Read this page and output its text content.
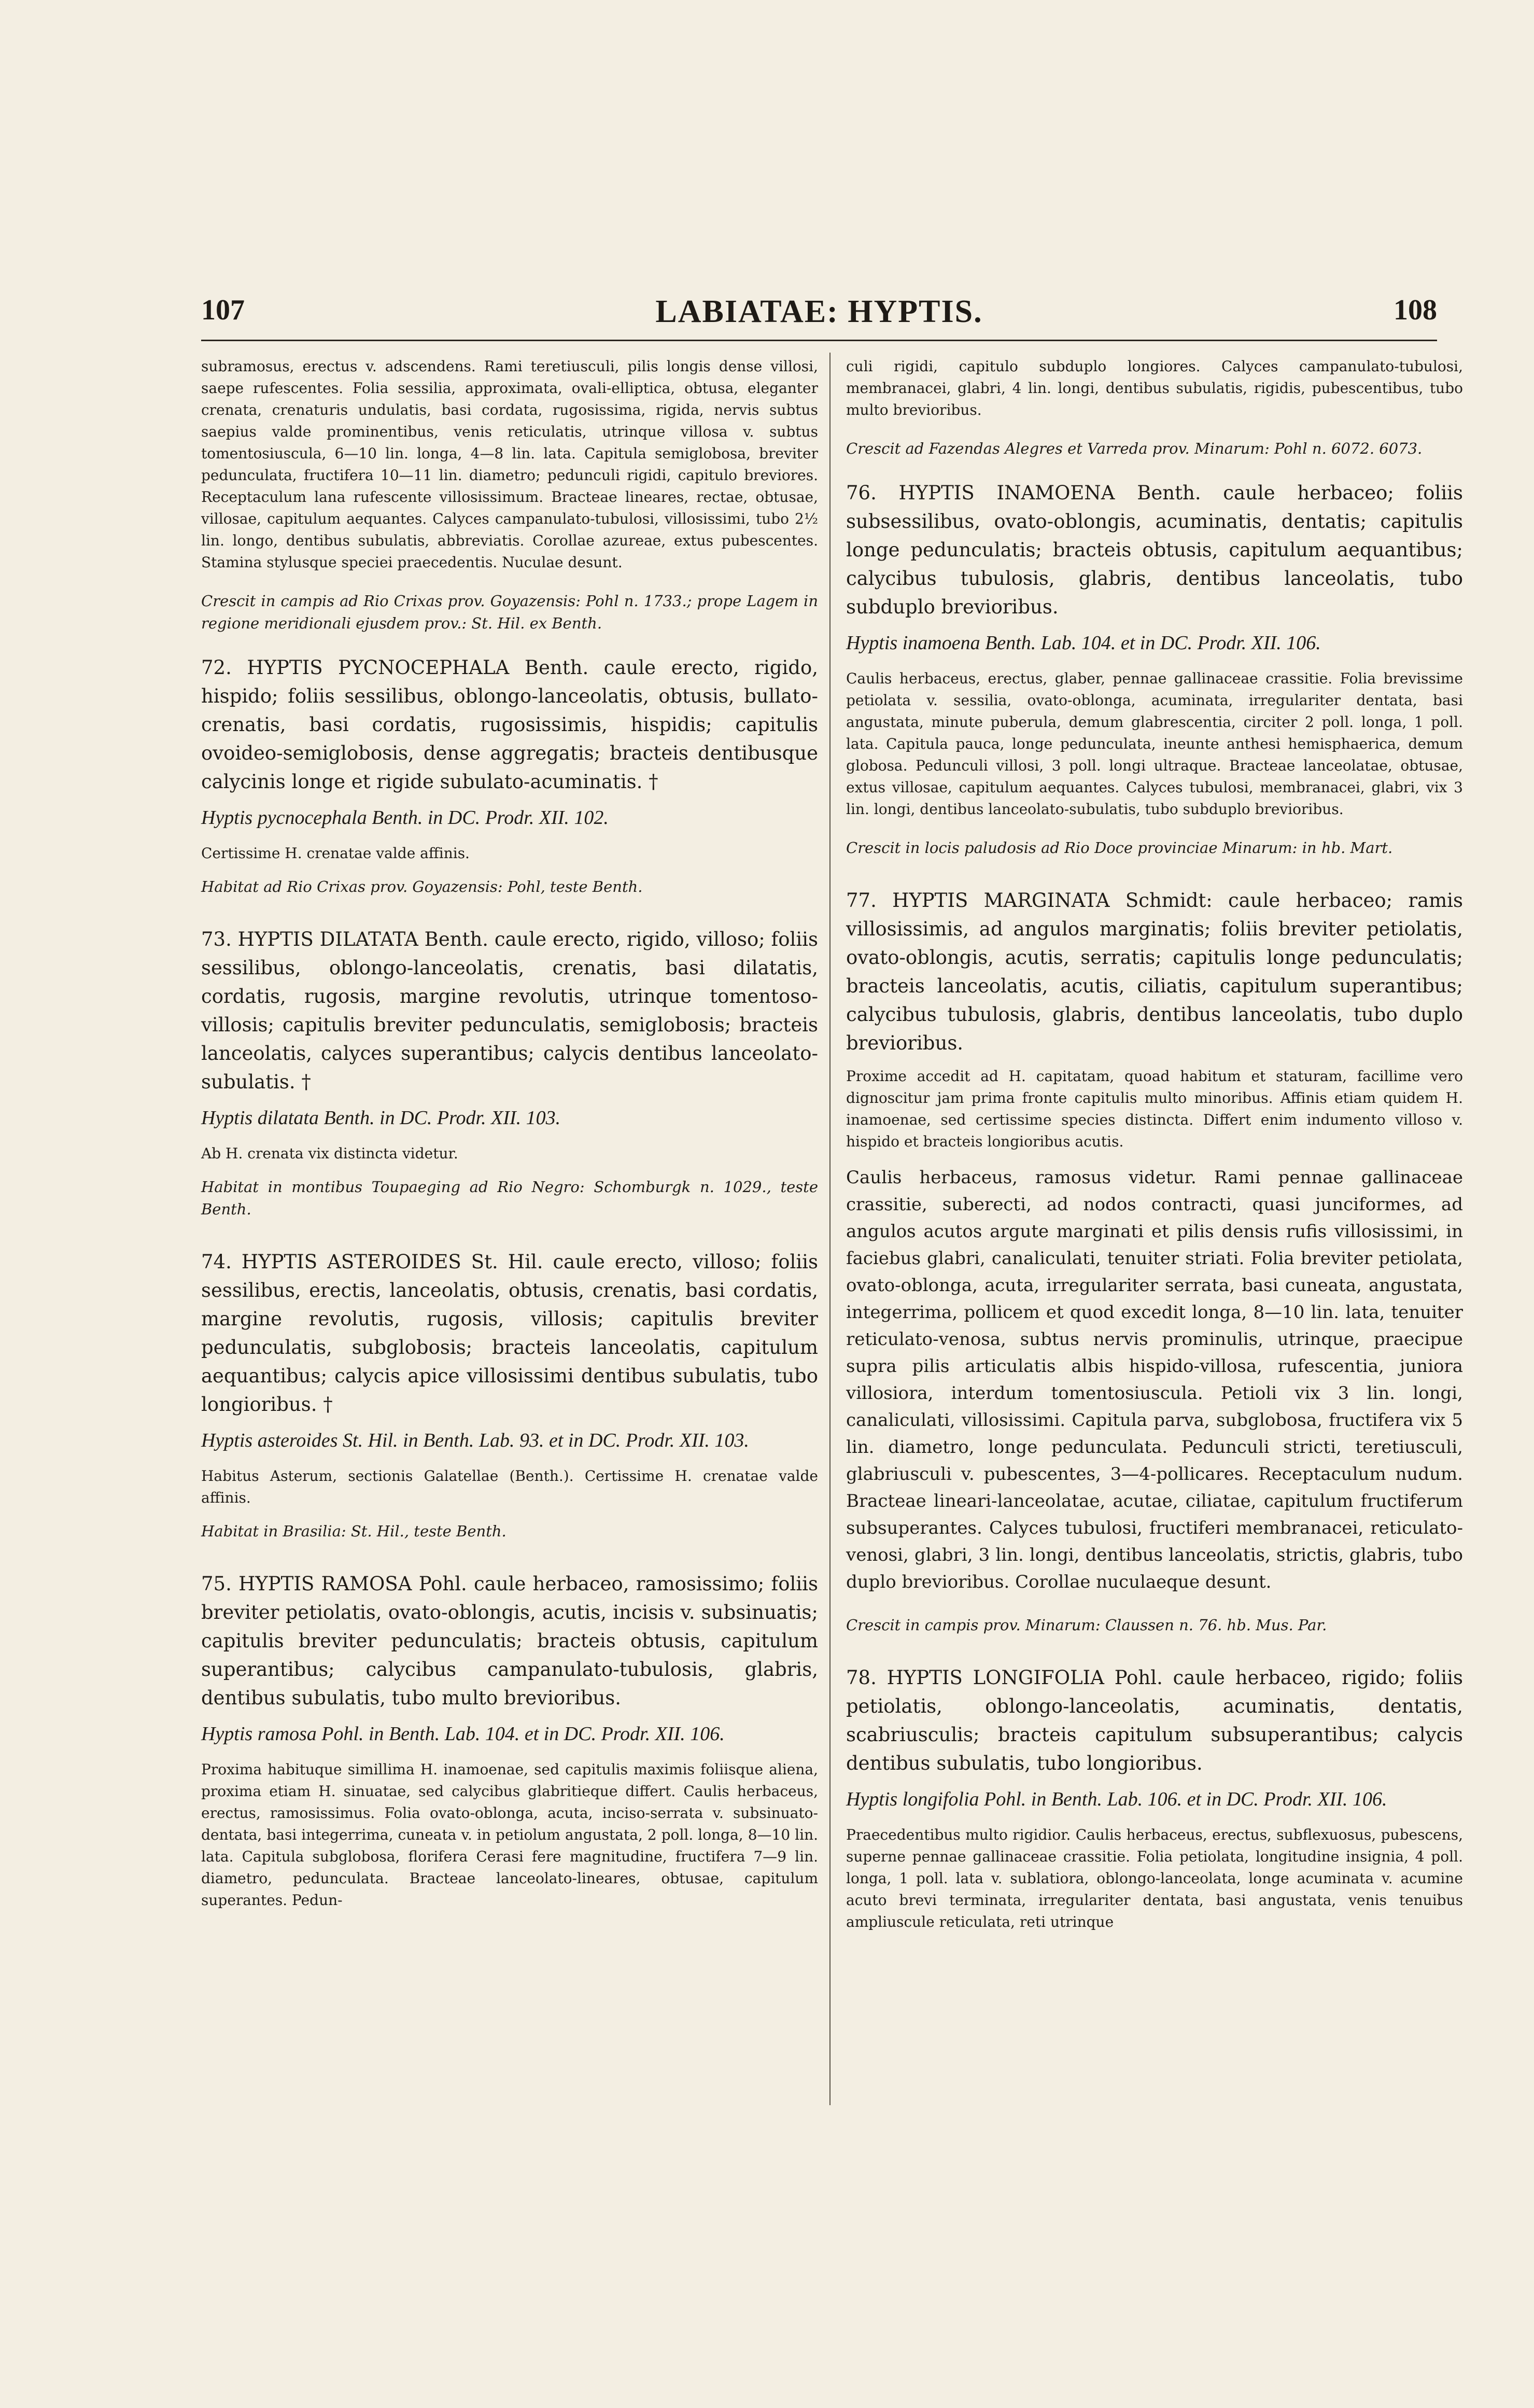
107	LABIATAE: HYPTIS.	108

subramosus, erectus v. adscendens. Rami teretiusculi, pilis longis dense villosi, saepe rufescentes. Folia sessilia, approximata, ovali-elliptica, obtusa, eleganter crenata, crenaturis undulatis, basi cordata, rugosissima, rigida, nervis subtus saepius valde prominentibus, venis reticulatis, utrinque villosa v. subtus tomentosiuscula, 6—10 lin. longa, 4—8 lin. lata. Capitula semiglobosa, breviter pedunculata, fructifera 10—11 lin. diametro; pedunculi rigidi, capitulo breviores. Receptaculum lana rufescente villosissimum. Bracteae lineares, rectae, obtusae, villosae, capitulum aequantes. Calyces campanulato-tubulosi, villosissimi, tubo 2½ lin. longo, dentibus subulatis, abbreviatis. Corollae azureae, extus pubescentes. Stamina stylusque speciei praecedentis. Nuculae desunt.

Crescit in campis ad Rio Crixas prov. Goyazensis: Pohl n. 1733.; prope Lagem in regione meridionali ejusdem prov.: St. Hil. ex Benth.

72. HYPTIS PYCNOCEPHALA Benth. caule erecto, rigido, hispido; foliis sessilibus, oblongo-lanceolatis, obtusis, bullato-crenatis, basi cordatis, rugosissimis, hispidis; capitulis ovoideo-semiglobosis, dense aggregatis; bracteis dentibusque calycinis longe et rigide subulato-acuminatis. †

Hyptis pycnocephala Benth. in DC. Prodr. XII. 102.

Certissime H. crenatae valde affinis.

Habitat ad Rio Crixas prov. Goyazensis: Pohl, teste Benth.

73. HYPTIS DILATATA Benth. caule erecto, rigido, villoso; foliis sessilibus, oblongo-lanceolatis, crenatis, basi dilatatis, cordatis, rugosis, margine revolutis, utrinque tomentoso-villosis; capitulis breviter pedunculatis, semiglobosis; bracteis lanceolatis, calyces superantibus; calycis dentibus lanceolato-subulatis. †

Hyptis dilatata Benth. in DC. Prodr. XII. 103.

Ab H. crenata vix distincta videtur.

Habitat in montibus Toupaeging ad Rio Negro: Schomburgk n. 1029., teste Benth.

74. HYPTIS ASTEROIDES St. Hil. caule erecto, villoso; foliis sessilibus, erectis, lanceolatis, obtusis, crenatis, basi cordatis, margine revolutis, rugosis, villosis; capitulis breviter pedunculatis, subglobosis; bracteis lanceolatis, capitulum aequantibus; calycis apice villosissimi dentibus subulatis, tubo longioribus. †

Hyptis asteroides St. Hil. in Benth. Lab. 93. et in DC. Prodr. XII. 103.

Habitus Asterum, sectionis Galatellae (Benth.). Certissime H. crenatae valde affinis.

Habitat in Brasilia: St. Hil., teste Benth.

75. HYPTIS RAMOSA Pohl. caule herbaceo, ramosissimo; foliis breviter petiolatis, ovato-oblongis, acutis, incisis v. subsinuatis; capitulis breviter pedunculatis; bracteis obtusis, capitulum superantibus; calycibus campanulato-tubulosis, glabris, dentibus subulatis, tubo multo brevioribus.

Hyptis ramosa Pohl. in Benth. Lab. 104. et in DC. Prodr. XII. 106.

Proxima habituque simillima H. inamoenae, sed capitulis maximis foliisque aliena, proxima etiam H. sinuatae, sed calycibus glabritieque differt. Caulis herbaceus, erectus, ramosissimus. Folia ovato-oblonga, acuta, inciso-serrata v. subsinuato-dentata, basi integerrima, cuneata v. in petiolum angustata, 2 poll. longa, 8—10 lin. lata. Capitula subglobosa, florifera Cerasi fere magnitudine, fructifera 7—9 lin. diametro, pedunculata. Bracteae lanceolato-lineares, obtusae, capitulum superantes. Pedun-

culi rigidi, capitulo subduplo longiores. Calyces campanulato-tubulosi, membranacei, glabri, 4 lin. longi, dentibus subulatis, rigidis, pubescentibus, tubo multo brevioribus.

Crescit ad Fazendas Alegres et Varreda prov. Minarum: Pohl n. 6072. 6073.

76. HYPTIS INAMOENA Benth. caule herbaceo; foliis subsessilibus, ovato-oblongis, acuminatis, dentatis; capitulis longe pedunculatis; bracteis obtusis, capitulum aequantibus; calycibus tubulosis, glabris, dentibus lanceolatis, tubo subduplo brevioribus.

Hyptis inamoena Benth. Lab. 104. et in DC. Prodr. XII. 106.

Caulis herbaceus, erectus, glaber, pennae gallinaceae crassitie. Folia brevissime petiolata v. sessilia, ovato-oblonga, acuminata, irregulariter dentata, basi angustata, minute puberula, demum glabrescentia, circiter 2 poll. longa, 1 poll. lata. Capitula pauca, longe pedunculata, ineunte anthesi hemisphaerica, demum globosa. Pedunculi villosi, 3 poll. longi ultraque. Bracteae lanceolatae, obtusae, extus villosae, capitulum aequantes. Calyces tubulosi, membranacei, glabri, vix 3 lin. longi, dentibus lanceolato-subulatis, tubo subduplo brevioribus.

Crescit in locis paludosis ad Rio Doce provinciae Minarum: in hb. Mart.

77. HYPTIS MARGINATA Schmidt: caule herbaceo; ramis villosissimis, ad angulos marginatis; foliis breviter petiolatis, ovato-oblongis, acutis, serratis; capitulis longe pedunculatis; bracteis lanceolatis, acutis, ciliatis, capitulum superantibus; calycibus tubulosis, glabris, dentibus lanceolatis, tubo duplo brevioribus.

Proxime accedit ad H. capitatam, quoad habitum et staturam, facillime vero dignoscitur jam prima fronte capitulis multo minoribus. Affinis etiam quidem H. inamoenae, sed certissime species distincta. Differt enim indumento villoso v. hispido et bracteis longioribus acutis.

Caulis herbaceus, ramosus videtur. Rami pennae gallinaceae crassitie, suberecti, ad nodos contracti, quasi junciformes, ad angulos acutos argute marginati et pilis densis rufis villosissimi, in faciebus glabri, canaliculati, tenuiter striati. Folia breviter petiolata, ovato-oblonga, acuta, irregulariter serrata, basi cuneata, angustata, integerrima, pollicem et quod excedit longa, 8—10 lin. lata, tenuiter reticulato-venosa, subtus nervis prominulis, utrinque, praecipue supra pilis articulatis albis hispido-villosa, rufescentia, juniora villosiora, interdum tomentosiuscula. Petioli vix 3 lin. longi, canaliculati, villosissimi. Capitula parva, subglobosa, fructifera vix 5 lin. diametro, longe pedunculata. Pedunculi stricti, teretiusculi, glabriusculi v. pubescentes, 3—4-pollicares. Receptaculum nudum. Bracteae lineari-lanceolatae, acutae, ciliatae, capitulum fructiferum subsuperantes. Calyces tubulosi, fructiferi membranacei, reticulato-venosi, glabri, 3 lin. longi, dentibus lanceolatis, strictis, glabris, tubo duplo brevioribus. Corollae nuculaeque desunt.

Crescit in campis prov. Minarum: Claussen n. 76. hb. Mus. Par.

78. HYPTIS LONGIFOLIA Pohl. caule herbaceo, rigido; foliis petiolatis, oblongo-lanceolatis, acuminatis, dentatis, scabriusculis; bracteis capitulum subsuperantibus; calycis dentibus subulatis, tubo longioribus.

Hyptis longifolia Pohl. in Benth. Lab. 106. et in DC. Prodr. XII. 106.

Praecedentibus multo rigidior. Caulis herbaceus, erectus, subflexuosus, pubescens, superne pennae gallinaceae crassitie. Folia petiolata, longitudine insignia, 4 poll. longa, 1 poll. lata v. sublatiora, oblongo-lanceolata, longe acuminata v. acumine acuto brevi terminata, irregulariter dentata, basi angustata, venis tenuibus ampliuscule reticulata, reti utrinque
